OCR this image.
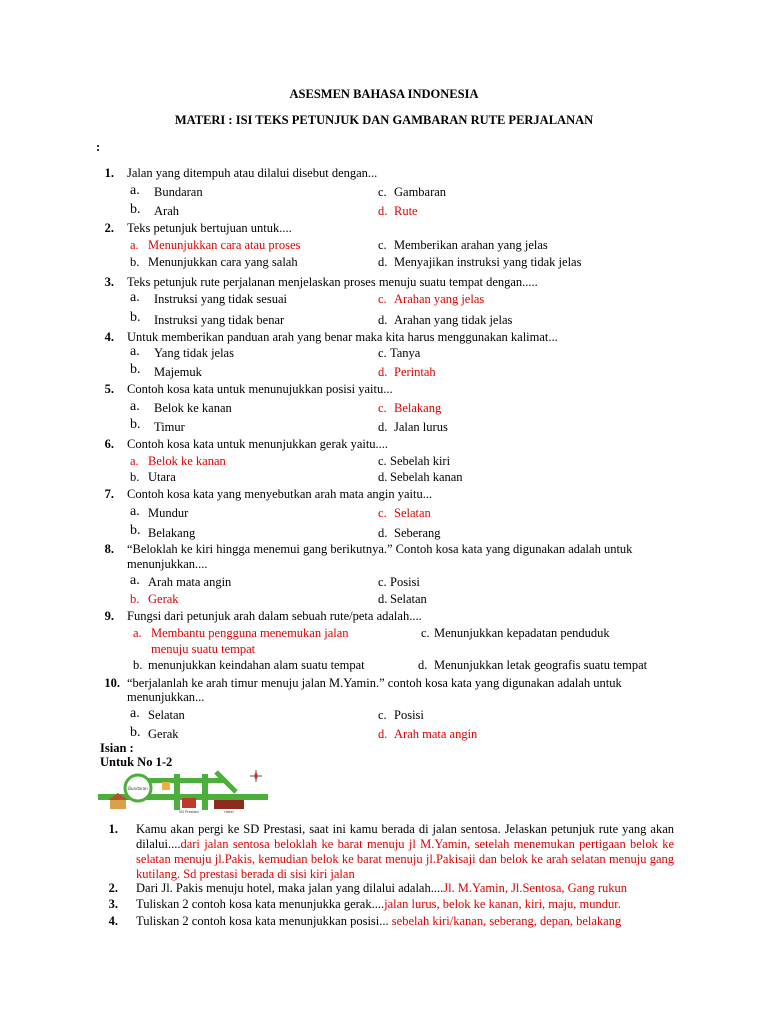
ASESMEN BAHASA INDONESIA
MATERI : ISI TEKS PETUNJUK DAN GAMBARAN RUTE PERJALANAN
:
1. Jalan yang ditempuh atau dilalui disebut dengan...
a. Bundaran
b. Arah
c. Gambaran
d. Rute
2. Teks petunjuk bertujuan untuk....
a. Menunjukkan cara atau proses
b. Menunjukkan cara yang salah
c. Memberikan arahan yang jelas
d. Menyajikan instruksi yang tidak jelas
3. Teks petunjuk rute perjalanan menjelaskan proses menuju suatu tempat dengan.....
a. Instruksi yang tidak sesuai
b. Instruksi yang tidak benar
c. Arahan yang jelas
d. Arahan yang tidak jelas
4. Untuk memberikan panduan arah yang benar maka kita harus menggunakan kalimat...
a. Yang tidak jelas
b. Majemuk
c. Tanya
d. Perintah
5. Contoh kosa kata untuk menunujukkan posisi yaitu...
a. Belok ke kanan
b. Timur
c. Belakang
d. Jalan lurus
6. Contoh kosa kata untuk menunjukkan gerak yaitu....
a. Belok ke kanan
b. Utara
c. Sebelah kiri
d. Sebelah kanan
7. Contoh kosa kata yang menyebutkan arah mata angin yaitu...
a. Mundur
b. Belakang
c. Selatan
d. Seberang
8. “Beloklah ke kiri hingga menemui gang berikutnya.” Contoh kosa kata yang digunakan adalah untuk
menunjukkan....
a. Arah mata angin
b. Gerak
c. Posisi
d. Selatan
9. Fungsi dari petunjuk arah dalam sebuah rute/peta adalah....
a. Membantu pengguna menemukan jalan
menuju suatu tempat
b. menunjukkan keindahan alam suatu tempat
c. Menunjukkan kepadatan penduduk
d. Menunjukkan letak geografis suatu tempat
10. “berjalanlah ke arah timur menuju jalan M.Yamin.” contoh kosa kata yang digunakan adalah untuk
menunjukkan...
a. Selatan
b. Gerak
c. Posisi
d. Arah mata angin
Isian :
Untuk No 1-2
Bundaran
SD Prestasi	Hotel
1. Kamu akan pergi ke SD Prestasi, saat ini kamu berada di jalan sentosa. Jelaskan petunjuk rute yang akan dilalui....dari jalan sentosa beloklah ke barat menuju jl M.Yamin, setelah menemukan pertigaan belok ke selatan menuju jl.Pakis, kemudian belok ke barat menuju jl.Pakisaji dan belok ke arah selatan menuju gang kutilang. Sd prestasi berada di sisi kiri jalan
2. Dari Jl. Pakis menuju hotel, maka jalan yang dilalui adalah....Jl. M.Yamin, Jl.Sentosa, Gang rukun
3. Tuliskan 2 contoh kosa kata menunjukka gerak....jalan lurus, belok ke kanan, kiri, maju, mundur.
4. Tuliskan 2 contoh kosa kata menunjukkan posisi... sebelah kiri/kanan, seberang, depan, belakang
